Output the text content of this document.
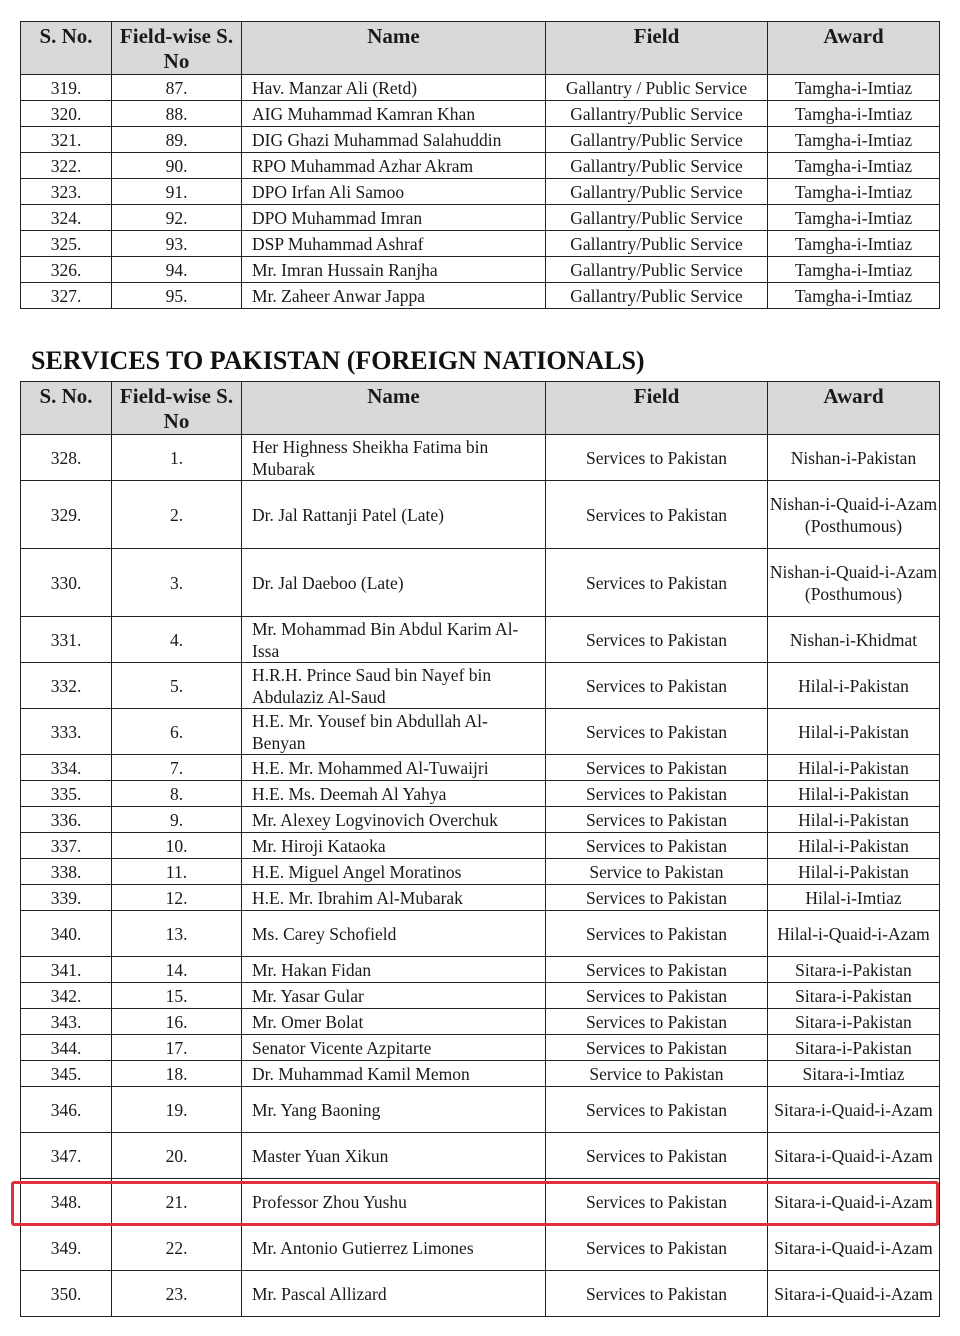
S. No.	Field-wise S. No	Name	Field	Award
319.	87.	Hav. Manzar Ali (Retd)	Gallantry / Public Service	Tamgha-i-Imtiaz
320.	88.	AIG Muhammad Kamran Khan	Gallantry/Public Service	Tamgha-i-Imtiaz
321.	89.	DIG Ghazi Muhammad Salahuddin	Gallantry/Public Service	Tamgha-i-Imtiaz
322.	90.	RPO Muhammad Azhar Akram	Gallantry/Public Service	Tamgha-i-Imtiaz
323.	91.	DPO Irfan Ali Samoo	Gallantry/Public Service	Tamgha-i-Imtiaz
324.	92.	DPO Muhammad Imran	Gallantry/Public Service	Tamgha-i-Imtiaz
325.	93.	DSP Muhammad Ashraf	Gallantry/Public Service	Tamgha-i-Imtiaz
326.	94.	Mr. Imran Hussain Ranjha	Gallantry/Public Service	Tamgha-i-Imtiaz
327.	95.	Mr. Zaheer Anwar Jappa	Gallantry/Public Service	Tamgha-i-Imtiaz
SERVICES TO PAKISTAN (FOREIGN NATIONALS)
S. No.	Field-wise S. No	Name	Field	Award
328.	1.	Her Highness Sheikha Fatima bin Mubarak	Services to Pakistan	Nishan-i-Pakistan
329.	2.	Dr. Jal Rattanji Patel (Late)	Services to Pakistan	Nishan-i-Quaid-i-Azam (Posthumous)
330.	3.	Dr. Jal Daeboo (Late)	Services to Pakistan	Nishan-i-Quaid-i-Azam (Posthumous)
331.	4.	Mr. Mohammad Bin Abdul Karim Al-Issa	Services to Pakistan	Nishan-i-Khidmat
332.	5.	H.R.H. Prince Saud bin Nayef bin Abdulaziz Al-Saud	Services to Pakistan	Hilal-i-Pakistan
333.	6.	H.E. Mr. Yousef bin Abdullah Al-Benyan	Services to Pakistan	Hilal-i-Pakistan
334.	7.	H.E. Mr. Mohammed Al-Tuwaijri	Services to Pakistan	Hilal-i-Pakistan
335.	8.	H.E. Ms. Deemah Al Yahya	Services to Pakistan	Hilal-i-Pakistan
336.	9.	Mr. Alexey Logvinovich Overchuk	Services to Pakistan	Hilal-i-Pakistan
337.	10.	Mr. Hiroji Kataoka	Services to Pakistan	Hilal-i-Pakistan
338.	11.	H.E. Miguel Angel Moratinos	Service to Pakistan	Hilal-i-Pakistan
339.	12.	H.E. Mr. Ibrahim Al-Mubarak	Services to Pakistan	Hilal-i-Imtiaz
340.	13.	Ms. Carey Schofield	Services to Pakistan	Hilal-i-Quaid-i-Azam
341.	14.	Mr. Hakan Fidan	Services to Pakistan	Sitara-i-Pakistan
342.	15.	Mr. Yasar Gular	Services to Pakistan	Sitara-i-Pakistan
343.	16.	Mr. Omer Bolat	Services to Pakistan	Sitara-i-Pakistan
344.	17.	Senator Vicente Azpitarte	Services to Pakistan	Sitara-i-Pakistan
345.	18.	Dr. Muhammad Kamil Memon	Service to Pakistan	Sitara-i-Imtiaz
346.	19.	Mr. Yang Baoning	Services to Pakistan	Sitara-i-Quaid-i-Azam
347.	20.	Master Yuan Xikun	Services to Pakistan	Sitara-i-Quaid-i-Azam
348.	21.	Professor Zhou Yushu	Services to Pakistan	Sitara-i-Quaid-i-Azam
349.	22.	Mr. Antonio Gutierrez Limones	Services to Pakistan	Sitara-i-Quaid-i-Azam
350.	23.	Mr. Pascal Allizard	Services to Pakistan	Sitara-i-Quaid-i-Azam
